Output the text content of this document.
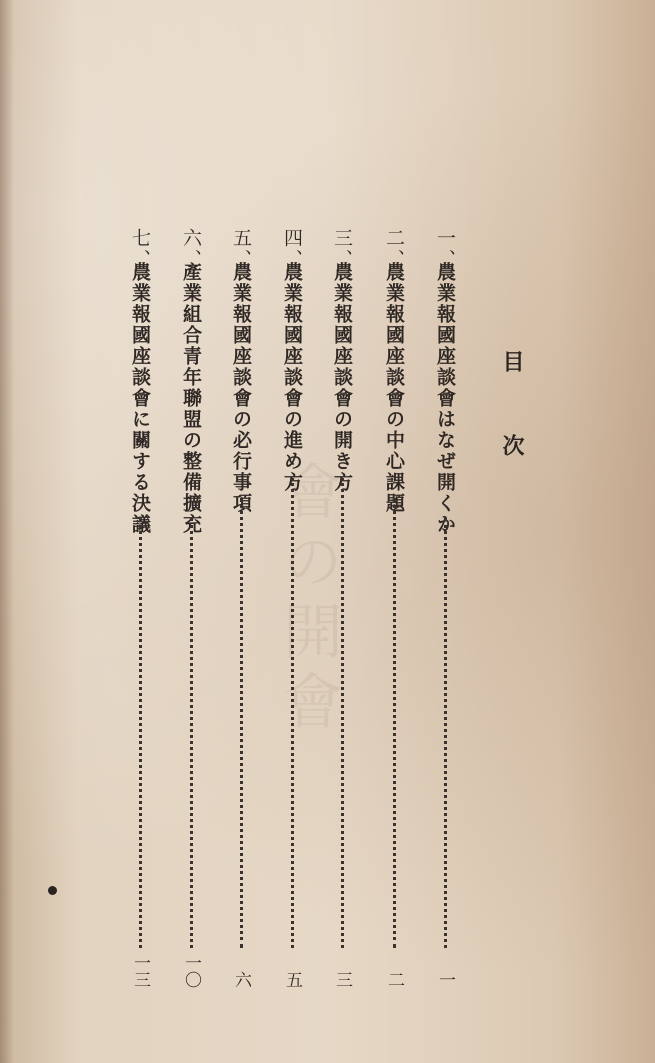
會の開會
目次
一、
農業報國座談會はなぜ開くか
一
二、
農業報國座談會の中心課題
二
三、
農業報國座談會の開き方
三
四、
農業報國座談會の進め方
五
五、
農業報國座談會の必行事項
六
六、
產業組合青年聯盟の整備擴充
一〇
七、
農業報國座談會に關する決議
一三
